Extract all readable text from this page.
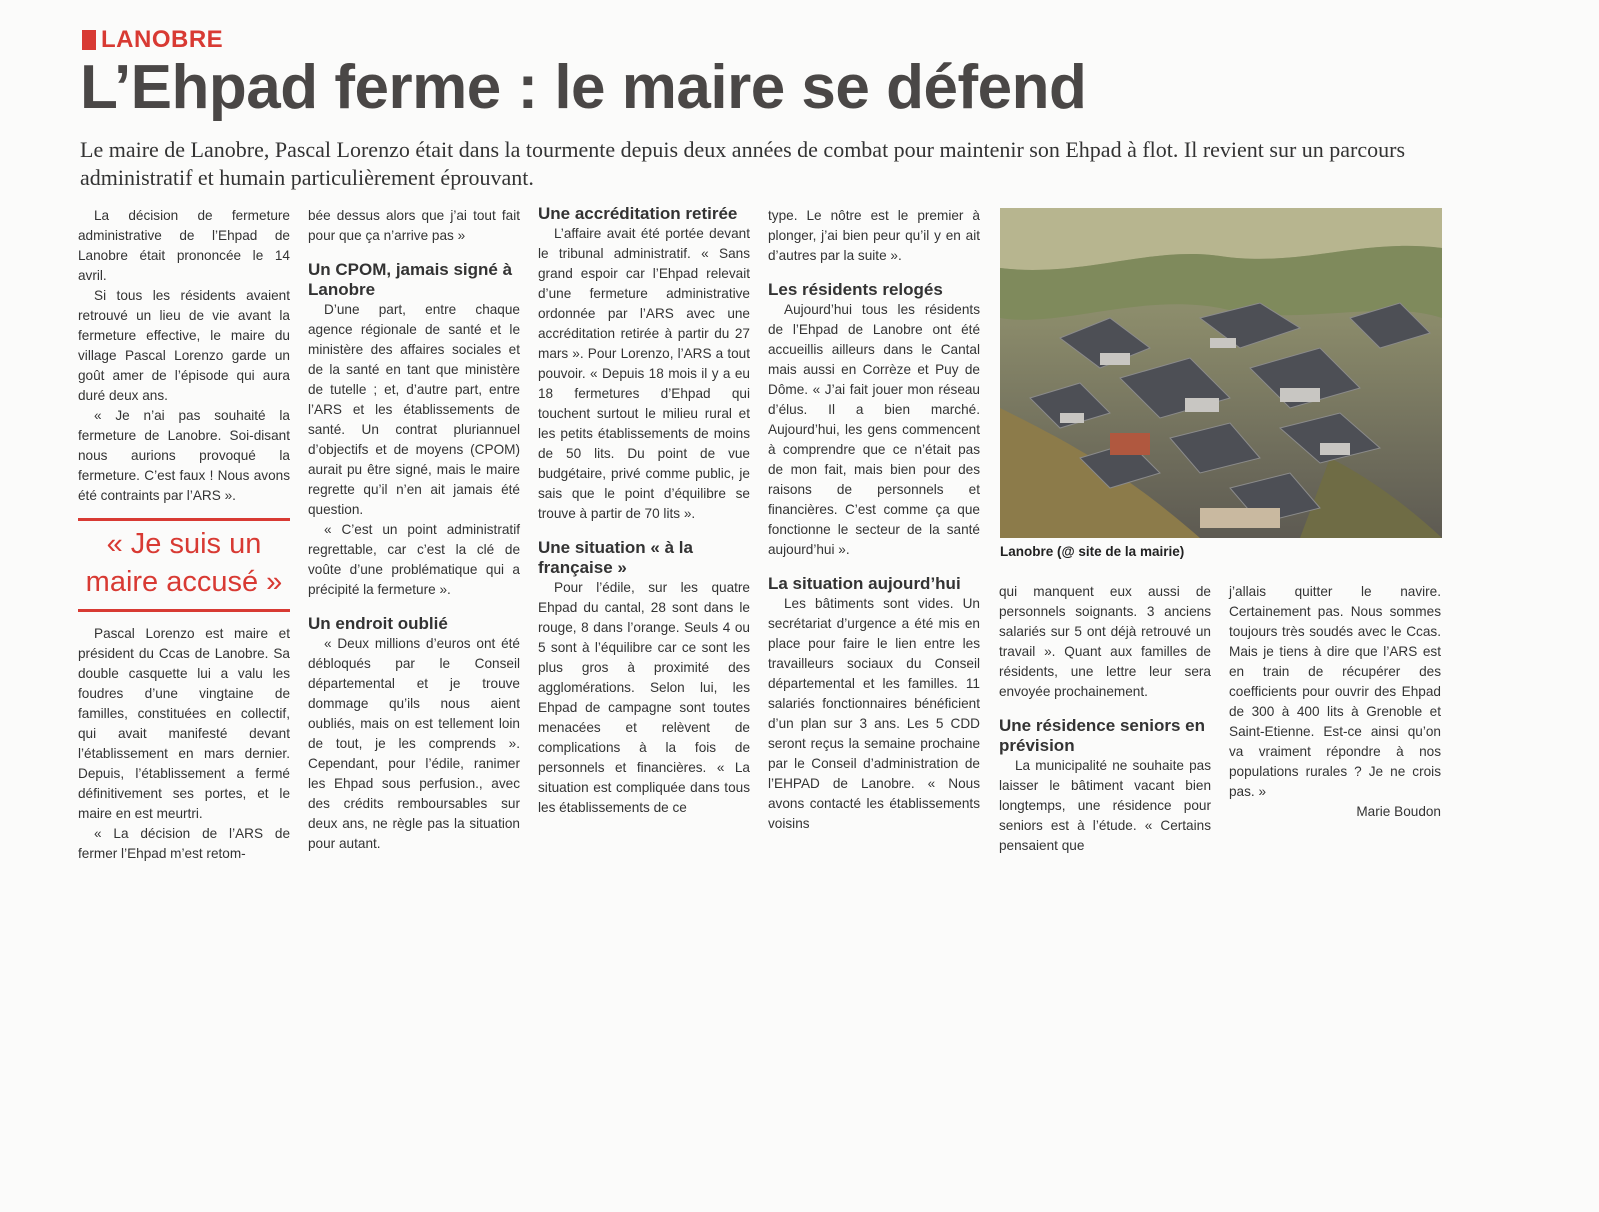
LANOBRE
L’Ehpad ferme : le maire se défend

Le maire de Lanobre, Pascal Lorenzo était dans la tourmente depuis deux années de combat pour maintenir son Ehpad à flot. Il revient sur un parcours administratif et humain particulièrement éprouvant.

La décision de fermeture administrative de l’Ehpad de Lanobre était prononcée le 14 avril.

Si tous les résidents avaient retrouvé un lieu de vie avant la fermeture effective, le maire du village Pascal Lorenzo garde un goût amer de l’épisode qui aura duré deux ans.

« Je n’ai pas souhaité la fermeture de Lanobre. Soi-disant nous aurions provoqué la fermeture. C’est faux ! Nous avons été contraints par l’ARS ».

« Je suis un maire accusé »

Pascal Lorenzo est maire et président du Ccas de Lanobre. Sa double casquette lui a valu les foudres d’une vingtaine de familles, constituées en collectif, qui avait manifesté devant l’établissement en mars dernier. Depuis, l’établissement a fermé définitivement ses portes, et le maire en est meurtri.

« La décision de l’ARS de fermer l’Ehpad m’est retom-

bée dessus alors que j’ai tout fait pour que ça n’arrive pas »

Un CPOM, jamais signé à Lanobre

D’une part, entre chaque agence régionale de santé et le ministère des affaires sociales et de la santé en tant que ministère de tutelle ; et, d’autre part, entre l’ARS et les établissements de santé. Un contrat pluriannuel d’objectifs et de moyens (CPOM) aurait pu être signé, mais le maire regrette qu’il n’en ait jamais été question.

« C’est un point administratif regrettable, car c’est la clé de voûte d’une problématique qui a précipité la fermeture ».

Un endroit oublié

« Deux millions d’euros ont été débloqués par le Conseil départemental et je trouve dommage qu’ils nous aient oubliés, mais on est tellement loin de tout, je les comprends ». Cependant, pour l’édile, ranimer les Ehpad sous perfusion., avec des crédits remboursables sur deux ans, ne règle pas la situation pour autant.

Une accréditation retirée

L’affaire avait été portée devant le tribunal administratif. « Sans grand espoir car l’Ehpad relevait d’une fermeture administrative ordonnée par l’ARS avec une accréditation retirée à partir du 27 mars ». Pour Lorenzo, l’ARS a tout pouvoir. « Depuis 18 mois il y a eu 18 fermetures d’Ehpad qui touchent surtout le milieu rural et les petits établissements de moins de 50 lits. Du point de vue budgétaire, privé comme public, je sais que le point d’équilibre se trouve à partir de 70 lits ».

Une situation « à la française »

Pour l’édile, sur les quatre Ehpad du cantal, 28 sont dans le rouge, 8 dans l’orange. Seuls 4 ou 5 sont à l’équilibre car ce sont les plus gros à proximité des agglomérations. Selon lui, les Ehpad de campagne sont toutes menacées et relèvent de complications à la fois de personnels et financières. « La situation est compliquée dans tous les établissements de ce

type. Le nôtre est le premier à plonger, j’ai bien peur qu’il y en ait d’autres par la suite ».

Les résidents relogés

Aujourd’hui tous les résidents de l’Ehpad de Lanobre ont été accueillis ailleurs dans le Cantal mais aussi en Corrèze et Puy de Dôme. « J’ai fait jouer mon réseau d’élus. Il a bien marché. Aujourd’hui, les gens commencent à comprendre que ce n’était pas de mon fait, mais bien pour des raisons de personnels et financières. C’est comme ça que fonctionne le secteur de la santé aujourd’hui ».

La situation aujourd’hui

Les bâtiments sont vides. Un secrétariat d’urgence a été mis en place pour faire le lien entre les travailleurs sociaux du Conseil départemental et les familles. 11 salariés fonctionnaires bénéficient d’un plan sur 3 ans. Les 5 CDD seront reçus la semaine prochaine par le Conseil d’administration de l’EHPAD de Lanobre. « Nous avons contacté les établissements voisins

Lanobre (@ site de la mairie)

qui manquent eux aussi de personnels soignants. 3 anciens salariés sur 5 ont déjà retrouvé un travail ». Quant aux familles de résidents, une lettre leur sera envoyée prochainement.

Une résidence seniors en prévision

La municipalité ne souhaite pas laisser le bâtiment vacant bien longtemps, une résidence pour seniors est à l’étude. « Certains pensaient que

j’allais quitter le navire. Certainement pas. Nous sommes toujours très soudés avec le Ccas. Mais je tiens à dire que l’ARS est en train de récupérer des coefficients pour ouvrir des Ehpad de 300 à 400 lits à Grenoble et Saint-Etienne. Est-ce ainsi qu’on va vraiment répondre à nos populations rurales ? Je ne crois pas. »

Marie Boudon
